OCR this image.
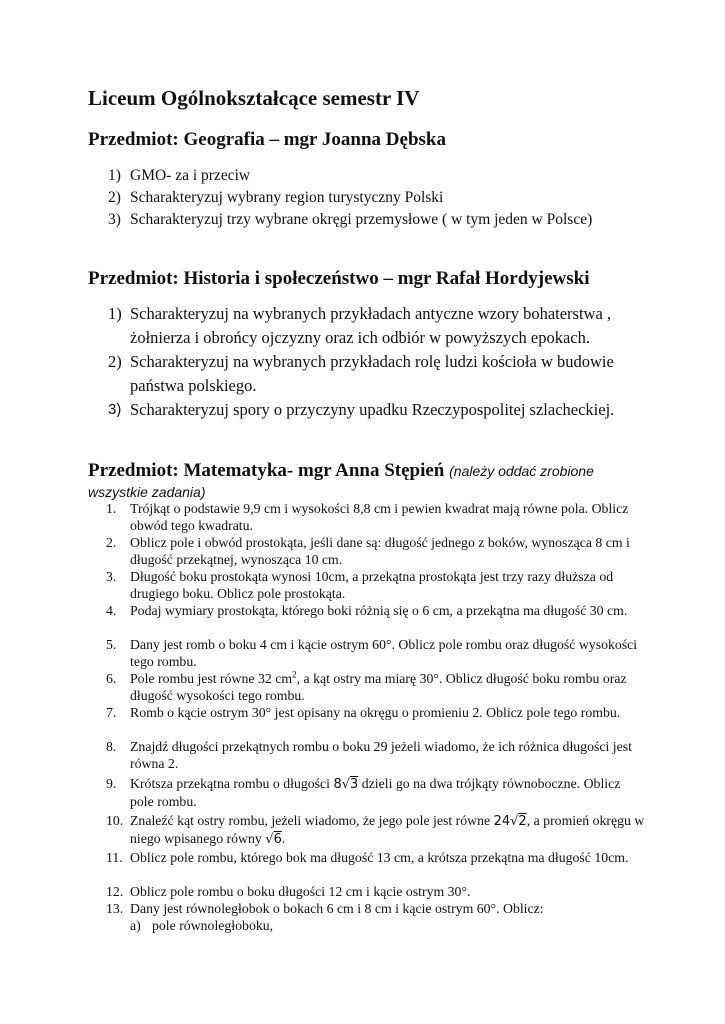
Liceum Ogólnokształcące semestr IV
Przedmiot: Geografia – mgr Joanna Dębska
1) GMO- za i przeciw
2) Scharakteryzuj wybrany region turystyczny Polski
3) Scharakteryzuj trzy wybrane okręgi przemysłowe ( w tym jeden w Polsce)
Przedmiot: Historia i społeczeństwo – mgr Rafał Hordyjewski
1) Scharakteryzuj na wybranych przykładach antyczne wzory bohaterstwa , żołnierza i obrońcy ojczyzny oraz ich odbiór w powyższych epokach.
2) Scharakteryzuj na wybranych przykładach rolę ludzi kościoła w budowie państwa polskiego.
3) Scharakteryzuj spory o przyczyny upadku Rzeczypospolitej szlacheckiej.
Przedmiot: Matematyka- mgr Anna Stępień (należy oddać zrobione
wszystkie zadania)
1. Trójkąt o podstawie 9,9 cm i wysokości 8,8 cm i pewien kwadrat mają równe pola. Oblicz obwód tego kwadratu.
2. Oblicz pole i obwód prostokąta, jeśli dane są: długość jednego z boków, wynosząca 8 cm i długość przekątnej, wynosząca 10 cm.
3. Długość boku prostokąta wynosi 10cm, a przekątna prostokąta jest trzy razy dłuższa od drugiego boku. Oblicz pole prostokąta.
4. Podaj wymiary prostokąta, którego boki różnią się o 6 cm, a przekątna ma długość 30 cm.
5. Dany jest romb o boku 4 cm i kącie ostrym 60°. Oblicz pole rombu oraz długość wysokości tego rombu.
6. Pole rombu jest równe 32 $cm^2$, a kąt ostry ma miarę 30°. Oblicz długość boku rombu oraz długość wysokości tego rombu.
7. Romb o kącie ostrym 30° jest opisany na okręgu o promieniu 2. Oblicz pole tego rombu.
8. Znajdź długości przekątnych rombu o boku 29 jeżeli wiadomo, że ich różnica długości jest równa 2.
9. Krótsza przekątna rombu o długości 8√3 dzieli go na dwa trójkąty równoboczne. Oblicz pole rombu.
10. Znaleźć kąt ostry rombu, jeżeli wiadomo, że jego pole jest równe 24√2, a promień okręgu w niego wpisanego równy √6.
11. Oblicz pole rombu, którego bok ma długość 13 cm, a krótsza przekątna ma długość 10cm.
12. Oblicz pole rombu o boku długości 12 cm i kącie ostrym 30°.
13. Dany jest równoległobok o bokach 6 cm i 8 cm i kącie ostrym 60°. Oblicz:
a) pole równoległoboku,
